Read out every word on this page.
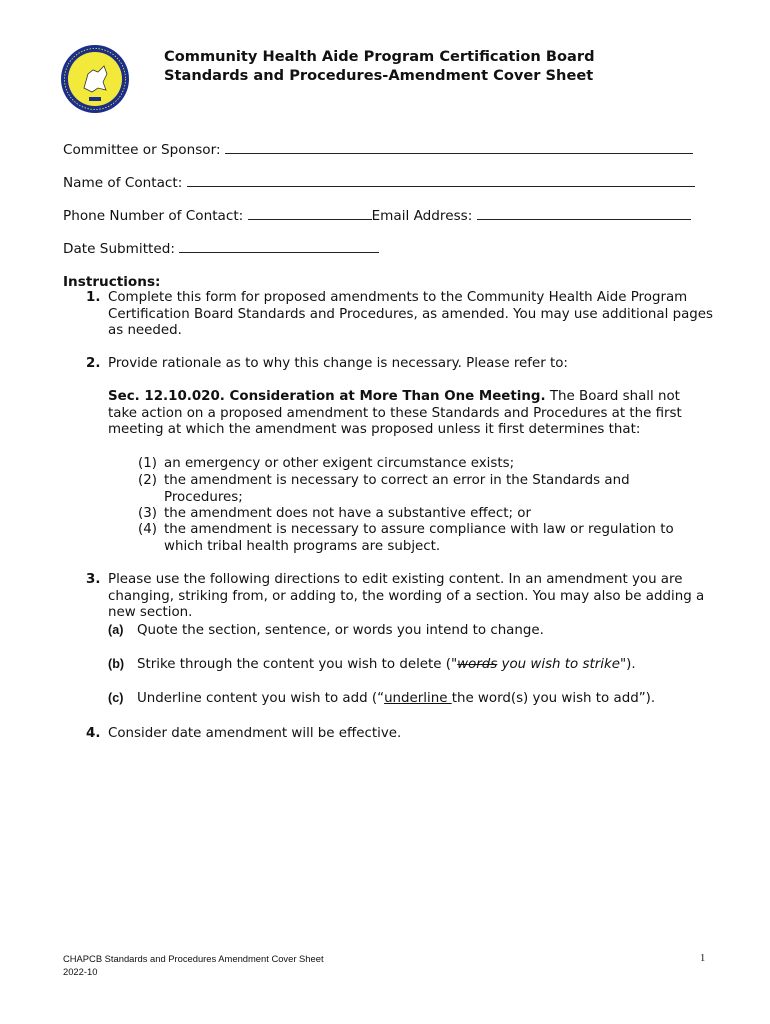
Community Health Aide Program Certification Board
Standards and Procedures-Amendment Cover Sheet
Committee or Sponsor:
Name of Contact:
Phone Number of Contact:	Email Address:
Date Submitted:
Instructions:
1. Complete this form for proposed amendments to the Community Health Aide Program Certification Board Standards and Procedures, as amended. You may use additional pages as needed.
2. Provide rationale as to why this change is necessary. Please refer to:
Sec. 12.10.020. Consideration at More Than One Meeting. The Board shall not take action on a proposed amendment to these Standards and Procedures at the first meeting at which the amendment was proposed unless it first determines that:
(1) an emergency or other exigent circumstance exists;
(2) the amendment is necessary to correct an error in the Standards and Procedures;
(3) the amendment does not have a substantive effect; or
(4) the amendment is necessary to assure compliance with law or regulation to which tribal health programs are subject.
3. Please use the following directions to edit existing content. In an amendment you are changing, striking from, or adding to, the wording of a section. You may also be adding a new section.
(a) Quote the section, sentence, or words you intend to change.
(b) Strike through the content you wish to delete ("words you wish to strike").
(c) Underline content you wish to add (“underline the word(s) you wish to add”).
4. Consider date amendment will be effective.
CHAPCB Standards and Procedures Amendment Cover Sheet
2022-10
1
